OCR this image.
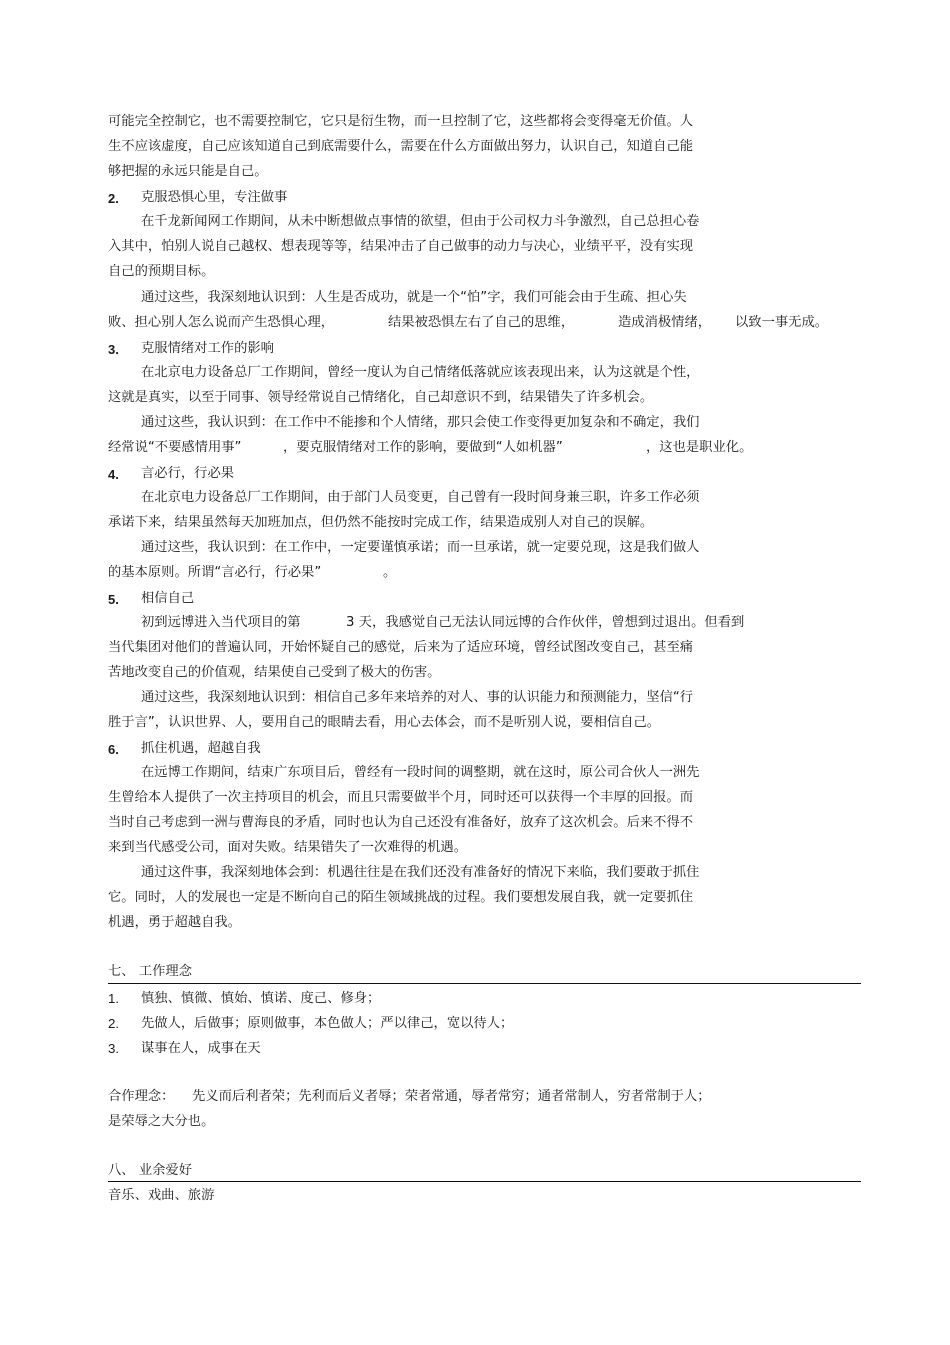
可能完全控制它，也不需要控制它，它只是衍生物，而一旦控制了它，这些都将会变得毫无价值。人
生不应该虚度，自己应该知道自己到底需要什么，需要在什么方面做出努力，认识自己，知道自己能
够把握的永远只能是自己。
2. 克服恐惧心里，专注做事
在千龙新闻网工作期间，从未中断想做点事情的欲望，但由于公司权力斗争激烈，自己总担心卷
入其中，怕别人说自己越权、想表现等等，结果冲击了自己做事的动力与决心，业绩平平，没有实现
自己的预期目标。
通过这些，我深刻地认识到：人生是否成功，就是一个“怕”字，我们可能会由于生疏、担心失
败、担心别人怎么说而产生恐惧心理，	结果被恐惧左右了自己的思维，	造成消极情绪， 以致一事无成。
3. 克服情绪对工作的影响
在北京电力设备总厂工作期间，曾经一度认为自己情绪低落就应该表现出来，认为这就是个性，
这就是真实，以至于同事、领导经常说自己情绪化，自己却意识不到，结果错失了许多机会。
通过这些，我认识到：在工作中不能掺和个人情绪，那只会使工作变得更加复杂和不确定，我们
经常说“不要感情用事”	，要克服情绪对工作的影响，要做到“人如机器”	，这也是职业化。
4. 言必行，行必果
在北京电力设备总厂工作期间，由于部门人员变更，自己曾有一段时间身兼三职，许多工作必须
承诺下来，结果虽然每天加班加点，但仍然不能按时完成工作，结果造成别人对自己的误解。
通过这些，我认识到：在工作中，一定要谨慎承诺；而一旦承诺，就一定要兑现，这是我们做人
的基本原则。所谓“言必行，行必果”	。
5. 相信自己
初到远博进入当代项目的第	3 天，我感觉自己无法认同远博的合作伙伴，曾想到过退出。但看到
当代集团对他们的普遍认同，开始怀疑自己的感觉，后来为了适应环境，曾经试图改变自己，甚至痛
苦地改变自己的价值观，结果使自己受到了极大的伤害。
通过这些，我深刻地认识到：相信自己多年来培养的对人、事的认识能力和预测能力，坚信“行
胜于言”，认识世界、人，要用自己的眼睛去看，用心去体会，而不是听别人说，要相信自己。
6. 抓住机遇，超越自我
在远博工作期间，结束广东项目后，曾经有一段时间的调整期，就在这时，原公司合伙人一洲先
生曾给本人提供了一次主持项目的机会，而且只需要做半个月，同时还可以获得一个丰厚的回报。而
当时自己考虑到一洲与曹海良的矛盾，同时也认为自己还没有准备好，放弃了这次机会。后来不得不
来到当代感受公司，面对失败。结果错失了一次难得的机遇。
通过这件事，我深刻地体会到：机遇往往是在我们还没有准备好的情况下来临，我们要敢于抓住
它。同时，人的发展也一定是不断向自己的陌生领域挑战的过程。我们要想发展自我，就一定要抓住
机遇，勇于超越自我。
七、 工作理念
1. 慎独、慎微、慎始、慎诺、度己、修身；
2. 先做人，后做事；原则做事，本色做人；严以律己，宽以待人；
3. 谋事在人，成事在天
合作理念： 先义而后利者荣；先利而后义者辱；荣者常通，辱者常穷；通者常制人，穷者常制于人；
是荣辱之大分也。
八、 业余爱好
音乐、戏曲、旅游
